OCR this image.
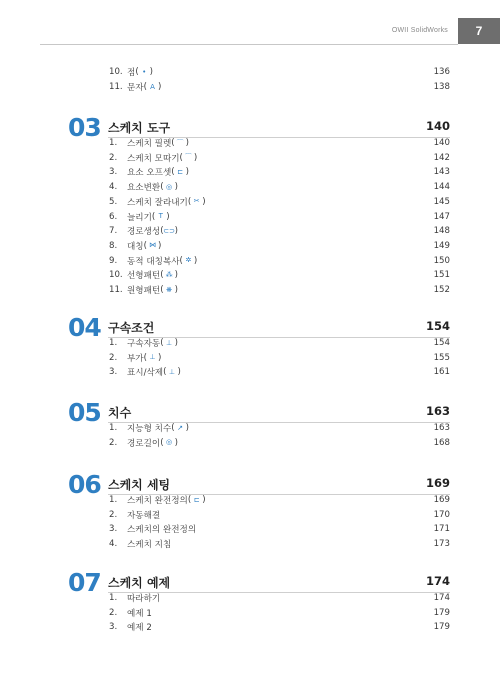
OWII SolidWorks	7
10. 점 ( • )	136
11. 문자 ( A )	138
03 스케치 도구	140
1.	스케치 필렛 ( ⌒ )	140
2.	스케치 모따기 ( ⌒ )	142
3.	요소 오프셋 ( ⊏ )	143
4.	요소변환 ( ◎ )	144
5.	스케치 잘라내기 ( ✂ )	145
6.	늘리기 ( T )	147
7.	경로생성 ( ⊂⊃ )	148
8.	대칭 ( ⋈ )	149
9.	동적 대칭복사 ( ✲ )	150
10. 선형패턴 ( ⁂ )	151
11. 원형패턴 ( ❋ )	152
04 구속조건	154
1.	구속자동 ( ⊥ )	154
2.	부가 ( ⊥ )	155
3.	표시/삭제 ( ⊥ )	161
05 치수	163
1.	지능형 치수 ( ↗ )	163
2.	경로길이 ( ◎ )	168
06 스케치 세팅	169
1.	스케치 완전정의 ( ⊏ )	169
2.	자동해결	170
3.	스케치의 완전정의	171
4.	스케치 지침	173
07 스케치 예제	174
1.	따라하기	174
2.	예제 1	179
3.	예제 2	179
